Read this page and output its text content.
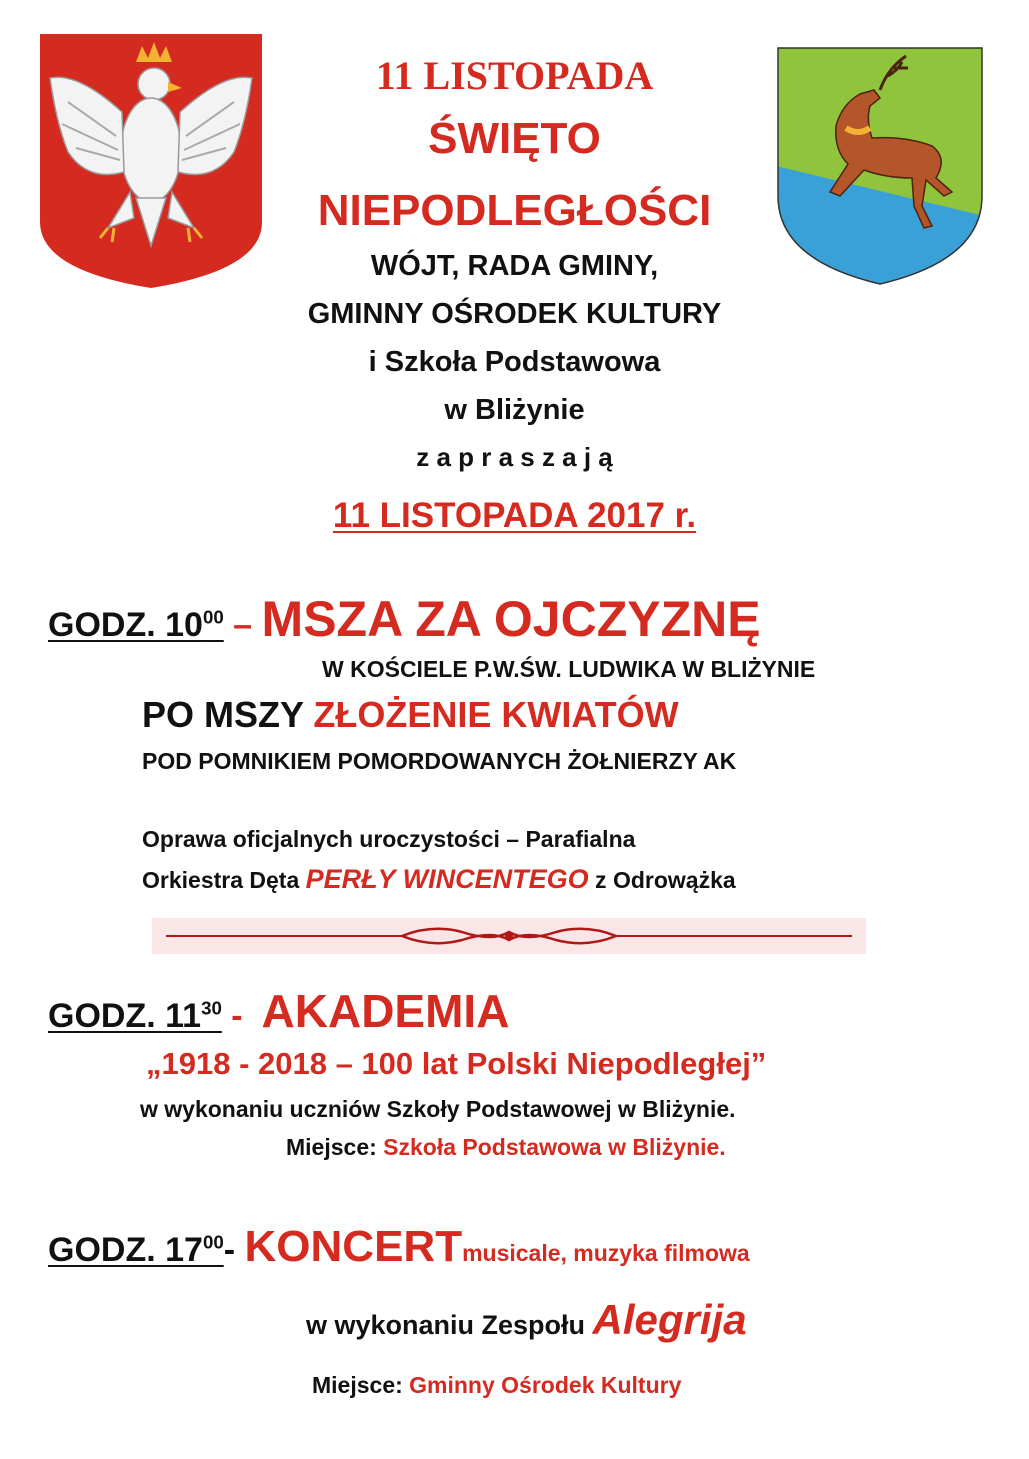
11 LISTOPADA
ŚWIĘTO
NIEPODLEGŁOŚCI
WÓJT, RADA GMINY,
GMINNY OŚRODEK KULTURY
i Szkoła Podstawowa
w Bliżynie
z a p r a s z a j ą
11 LISTOPADA 2017 r.
GODZ. $10^{00}$ – MSZA ZA OJCZYZNĘ
W KOŚCIELE P.W.ŚW. LUDWIKA W BLIŻYNIE
PO MSZY ZŁOŻENIE KWIATÓW
POD POMNIKIEM POMORDOWANYCH ŻOŁNIERZY AK
Oprawa oficjalnych uroczystości – Parafialna
Orkiestra Dęta PERŁY WINCENTEGO z Odrowążka
GODZ. $11^{30}$ -  AKADEMIA
„1918 - 2018 – 100 lat Polski Niepodległej”
w wykonaniu uczniów Szkoły Podstawowej w Bliżynie.
Miejsce: Szkoła Podstawowa w Bliżynie.
GODZ. $17^{00}-$ KONCERTmusicale, muzyka filmowa
w wykonaniu Zespołu Alegrija
Miejsce: Gminny Ośrodek Kultury
